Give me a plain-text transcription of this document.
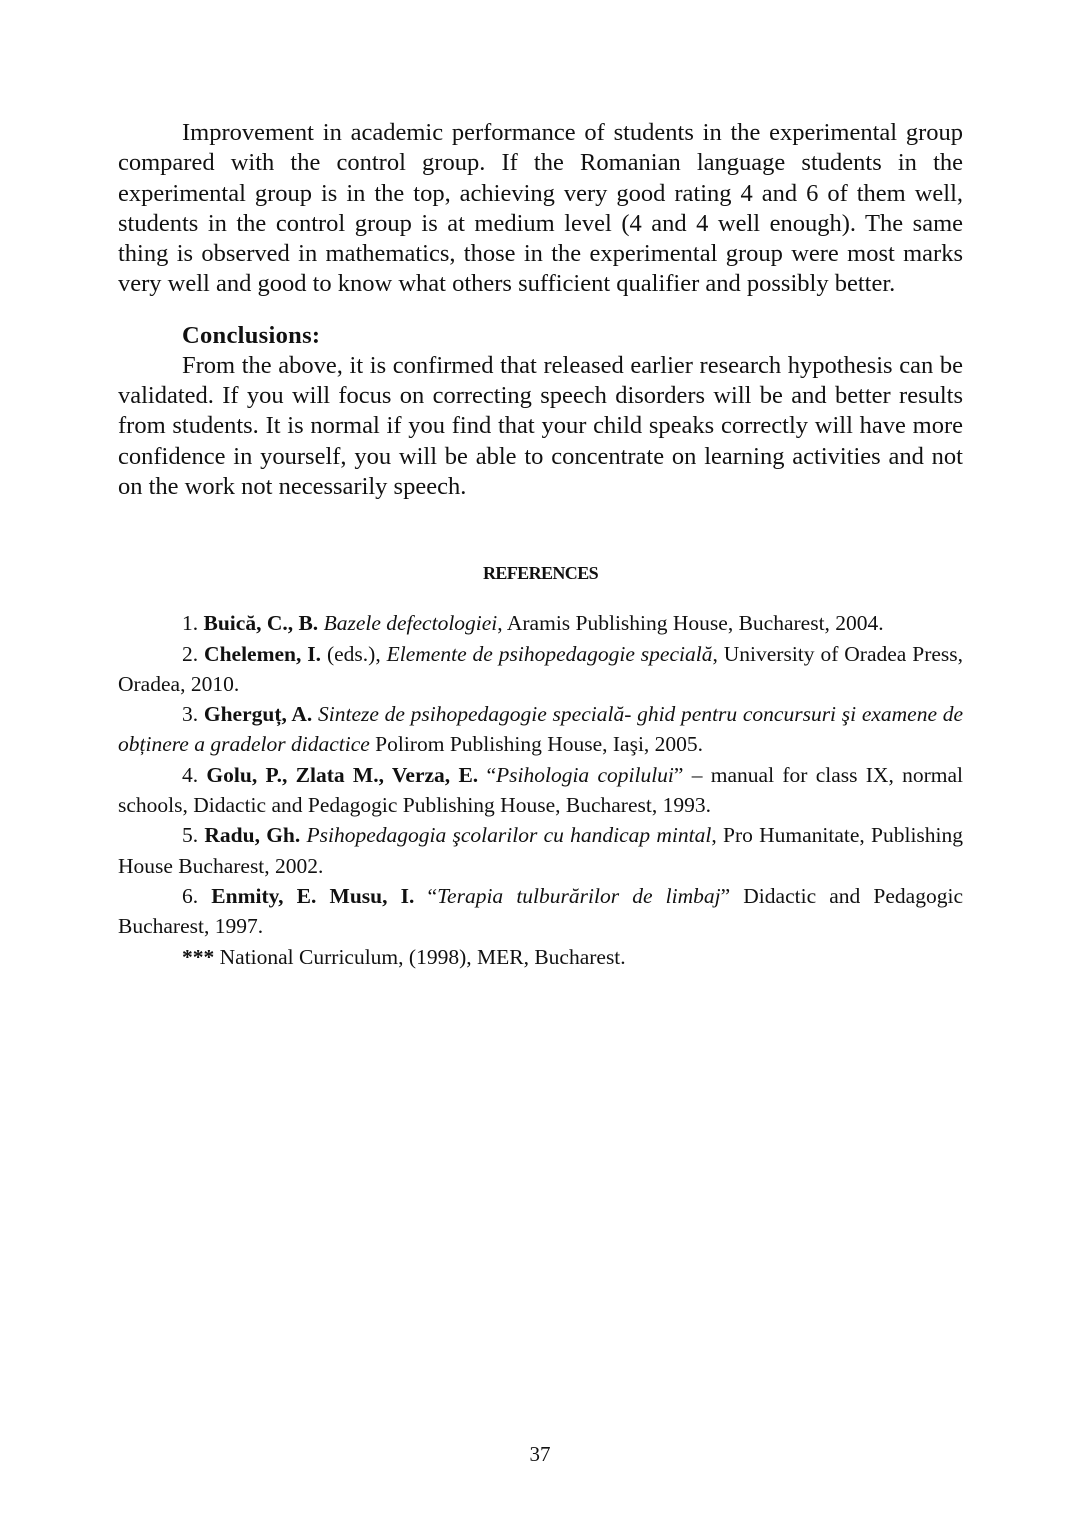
Improvement in academic performance of students in the experimental group compared with the control group. If the Romanian language students in the experimental group is in the top, achieving very good rating 4 and 6 of them well, students in the control group is at medium level (4 and 4 well enough). The same thing is observed in mathematics, those in the experimental group were most marks very well and good to know what others sufficient qualifier and possibly better.

Conclusions:

From the above, it is confirmed that released earlier research hypothesis can be validated. If you will focus on correcting speech disorders will be and better results from students. It is normal if you find that your child speaks correctly will have more confidence in yourself, you will be able to concentrate on learning activities and not on the work not necessarily speech.

REFERENCES

1. Buică, C., B. Bazele defectologiei, Aramis Publishing House, Bucharest, 2004.

2. Chelemen, I. (eds.), Elemente de psihopedagogie specială, University of Oradea Press, Oradea, 2010.

3. Gherguț, A. Sinteze de psihopedagogie specială- ghid pentru concursuri şi examene de obținere a gradelor didactice Polirom Publishing House, Iaşi, 2005.

4. Golu, P., Zlata M., Verza, E. “Psihologia copilului” – manual for class IX, normal schools, Didactic and Pedagogic Publishing House, Bucharest, 1993.

5. Radu, Gh. Psihopedagogia şcolarilor cu handicap mintal, Pro Humanitate, Publishing House Bucharest, 2002.

6. Enmity, E. Musu, I. “Terapia tulburărilor de limbaj” Didactic and Pedagogic Bucharest, 1997.

*** National Curriculum, (1998), MER, Bucharest.

37
